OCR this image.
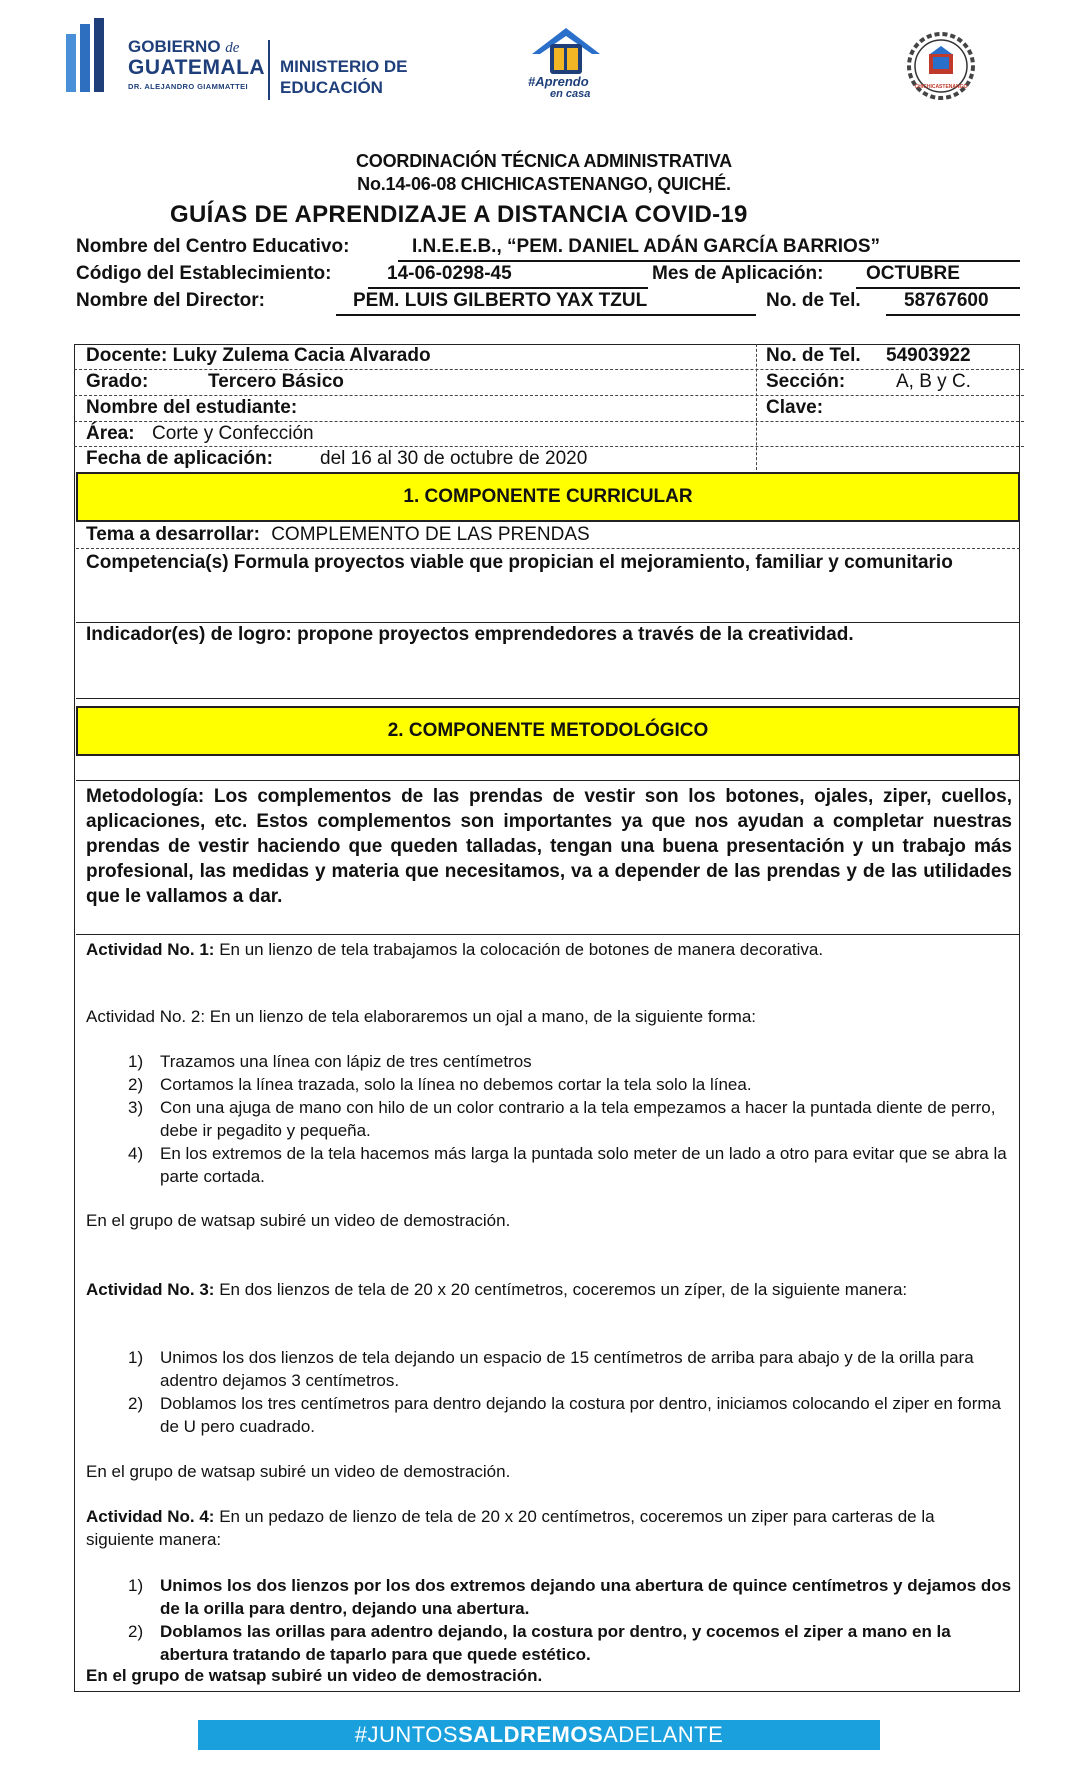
GOBIERNO de
GUATEMALA
DR. ALEJANDRO GIAMMATTEI
MINISTERIO DE
EDUCACIÓN	#Aprendo
en casa
CHICHICASTENANGO
COORDINACIÓN TÉCNICA ADMINISTRATIVA
No.14-06-08 CHICHICASTENANGO, QUICHÉ.
GUÍAS DE APRENDIZAJE A DISTANCIA COVID-19
Nombre del Centro Educativo:	I.N.E.E.B., “PEM. DANIEL ADÁN GARCÍA BARRIOS”
Código del Establecimiento:	14-06-0298-45	Mes de Aplicación: OCTUBRE
Nombre del Director:	PEM. LUIS GILBERTO YAX TZUL	No. de Tel. 58767600
Docente: Luky Zulema Cacia Alvarado	No. de Tel. 54903922
Grado:	Tercero Básico	Sección:	A, B y C.
Nombre del estudiante:	Clave:
Área: Corte y Confección
Fecha de aplicación: del 16 al 30 de octubre de 2020
1. COMPONENTE CURRICULAR
Tema a desarrollar: COMPLEMENTO DE LAS PRENDAS
Competencia(s) Formula proyectos viable que propician el mejoramiento, familiar y comunitario
Indicador(es) de logro: propone proyectos emprendedores a través de la creatividad.
2. COMPONENTE METODOLÓGICO
Metodología: Los complementos de las prendas de vestir son los botones, ojales, ziper, cuellos, aplicaciones, etc. Estos complementos son importantes ya que nos ayudan a completar nuestras prendas de vestir haciendo que queden talladas, tengan una buena presentación y un trabajo más profesional, las medidas y materia que necesitamos, va a depender de las prendas y de las utilidades que le vallamos a dar.
Actividad No. 1: En un lienzo de tela trabajamos la colocación de botones de manera decorativa.
Actividad No. 2: En un lienzo de tela elaboraremos un ojal a mano, de la siguiente forma:
1) Trazamos una línea con lápiz de tres centímetros
2) Cortamos la línea trazada, solo la línea no debemos cortar la tela solo la línea.
3) Con una ajuga de mano con hilo de un color contrario a la tela empezamos a hacer la puntada diente de perro, debe ir pegadito y pequeña.
4) En los extremos de la tela hacemos más larga la puntada solo meter de un lado a otro para evitar que se abra la parte cortada.
En el grupo de watsap subiré un video de demostración.
Actividad No. 3: En dos lienzos de tela de 20 x 20 centímetros, coceremos un zíper, de la siguiente manera:
1) Unimos los dos lienzos de tela dejando un espacio de 15 centímetros de arriba para abajo y de la orilla para adentro dejamos 3 centímetros.
2) Doblamos los tres centímetros para dentro dejando la costura por dentro, iniciamos colocando el ziper en forma de U pero cuadrado.
En el grupo de watsap subiré un video de demostración.
Actividad No. 4: En un pedazo de lienzo de tela de 20 x 20 centímetros, coceremos un ziper para carteras de la siguiente manera:
1) Unimos los dos lienzos por los dos extremos dejando una abertura de quince centímetros y dejamos dos de la orilla para dentro, dejando una abertura.
2) Doblamos las orillas para adentro dejando, la costura por dentro, y cocemos el ziper a mano en la abertura tratando de taparlo para que quede estético.
En el grupo de watsap subiré un video de demostración.
#JUNTOSSALDREMOSADELANTE
